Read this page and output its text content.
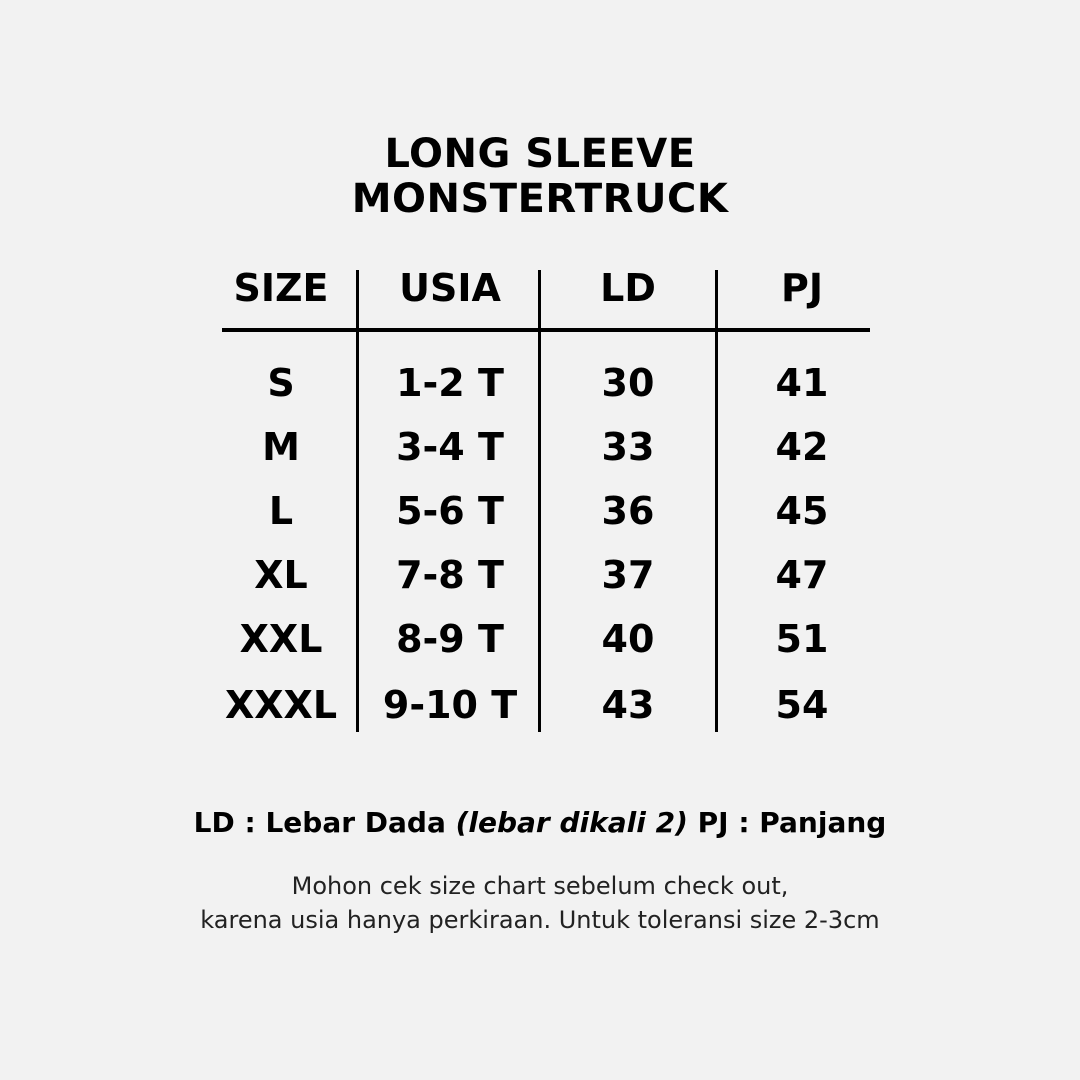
LONG SLEEVE
MONSTERTRUCK
SIZE	USIA	LD	PJ
S	1-2 T	30	41
M	3-4 T	33	42
L	5-6 T	36	45
XL	7-8 T	37	47
XXL	8-9 T	40	51
XXXL	9-10 T	43	54
LD : Lebar Dada (lebar dikali 2) PJ : Panjang
Mohon cek size chart sebelum check out,
karena usia hanya perkiraan. Untuk toleransi size 2-3cm
